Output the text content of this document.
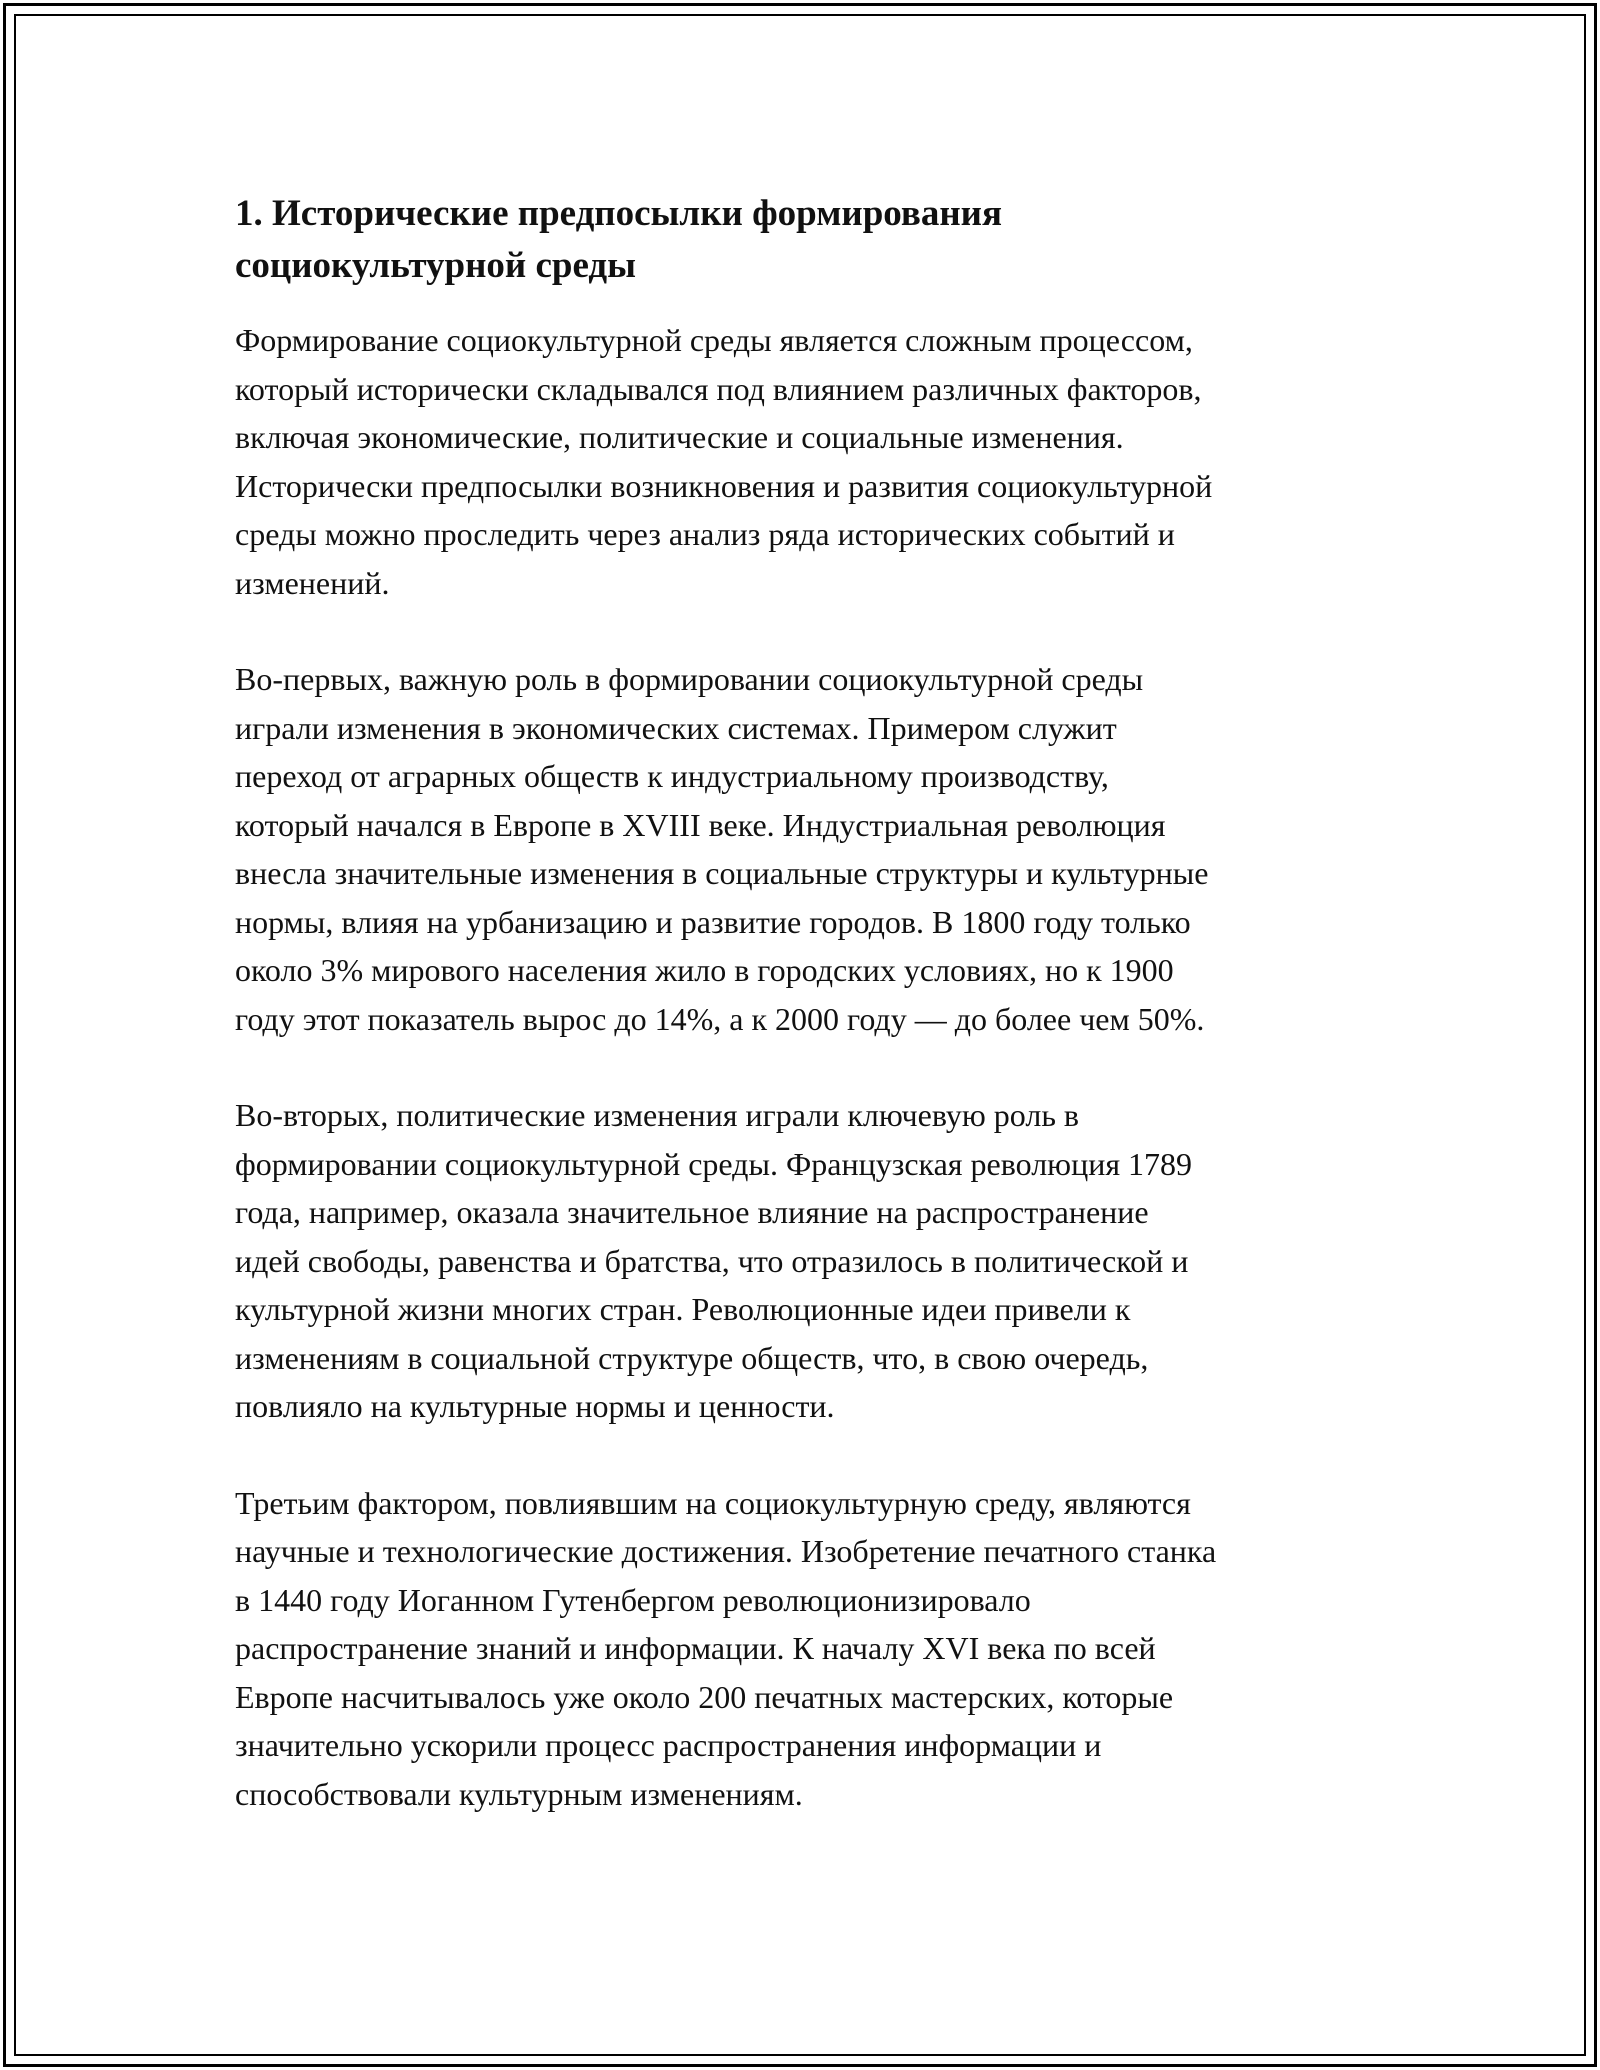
1. Исторические предпосылки формирования
социокультурной среды

Формирование социокультурной среды является сложным процессом,
который исторически складывался под влиянием различных факторов,
включая экономические, политические и социальные изменения.
Исторически предпосылки возникновения и развития социокультурной
среды можно проследить через анализ ряда исторических событий и
изменений.

Во-первых, важную роль в формировании социокультурной среды
играли изменения в экономических системах. Примером служит
переход от аграрных обществ к индустриальному производству,
который начался в Европе в XVIII веке. Индустриальная революция
внесла значительные изменения в социальные структуры и культурные
нормы, влияя на урбанизацию и развитие городов. В 1800 году только
около 3% мирового населения жило в городских условиях, но к 1900
году этот показатель вырос до 14%, а к 2000 году — до более чем 50%.

Во-вторых, политические изменения играли ключевую роль в
формировании социокультурной среды. Французская революция 1789
года, например, оказала значительное влияние на распространение
идей свободы, равенства и братства, что отразилось в политической и
культурной жизни многих стран. Революционные идеи привели к
изменениям в социальной структуре обществ, что, в свою очередь,
повлияло на культурные нормы и ценности.

Третьим фактором, повлиявшим на социокультурную среду, являются
научные и технологические достижения. Изобретение печатного станка
в 1440 году Иоганном Гутенбергом революционизировало
распространение знаний и информации. К началу XVI века по всей
Европе насчитывалось уже около 200 печатных мастерских, которые
значительно ускорили процесс распространения информации и
способствовали культурным изменениям.
